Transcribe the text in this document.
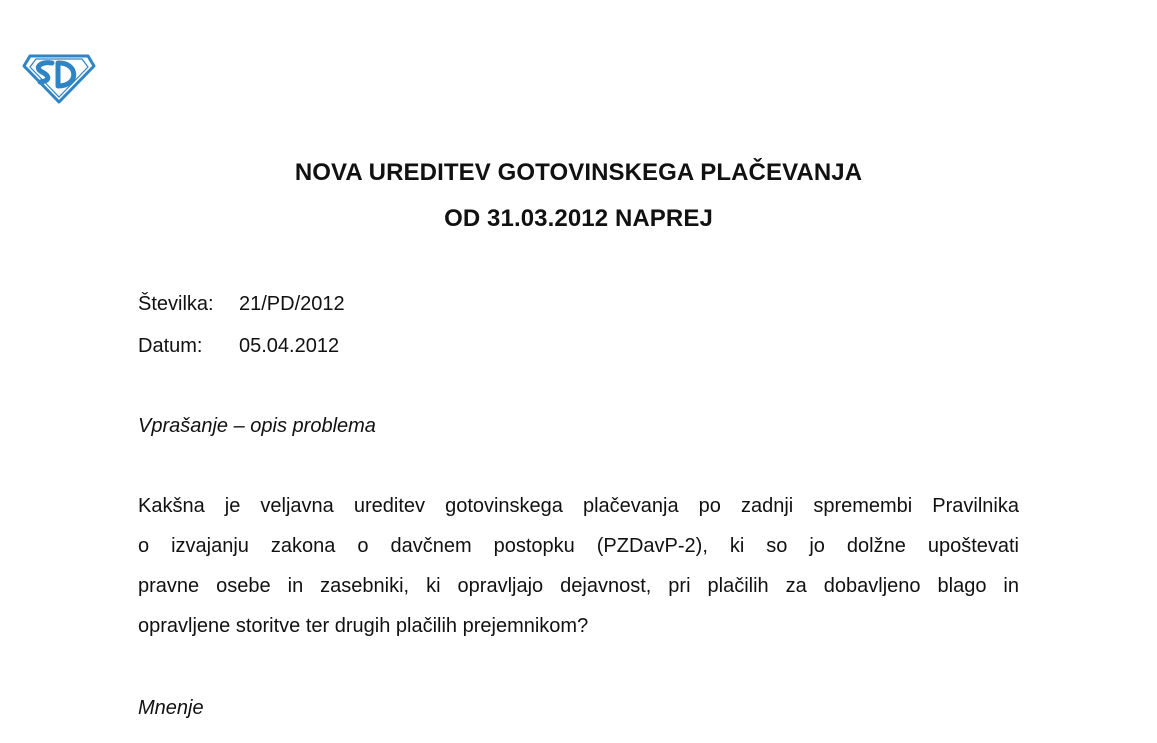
NOVA UREDITEV GOTOVINSKEGA PLAČEVANJA
OD 31.03.2012 NAPREJ
Številka: 21/PD/2012
Datum: 05.04.2012
Vprašanje – opis problema
Kakšna je veljavna ureditev gotovinskega plačevanja po zadnji spremembi Pravilnika
o izvajanju zakona o davčnem postopku (PZDavP-2), ki so jo dolžne upoštevati
pravne osebe in zasebniki, ki opravljajo dejavnost, pri plačilih za dobavljeno blago in
opravljene storitve ter drugih plačilih prejemnikom?
Mnenje
